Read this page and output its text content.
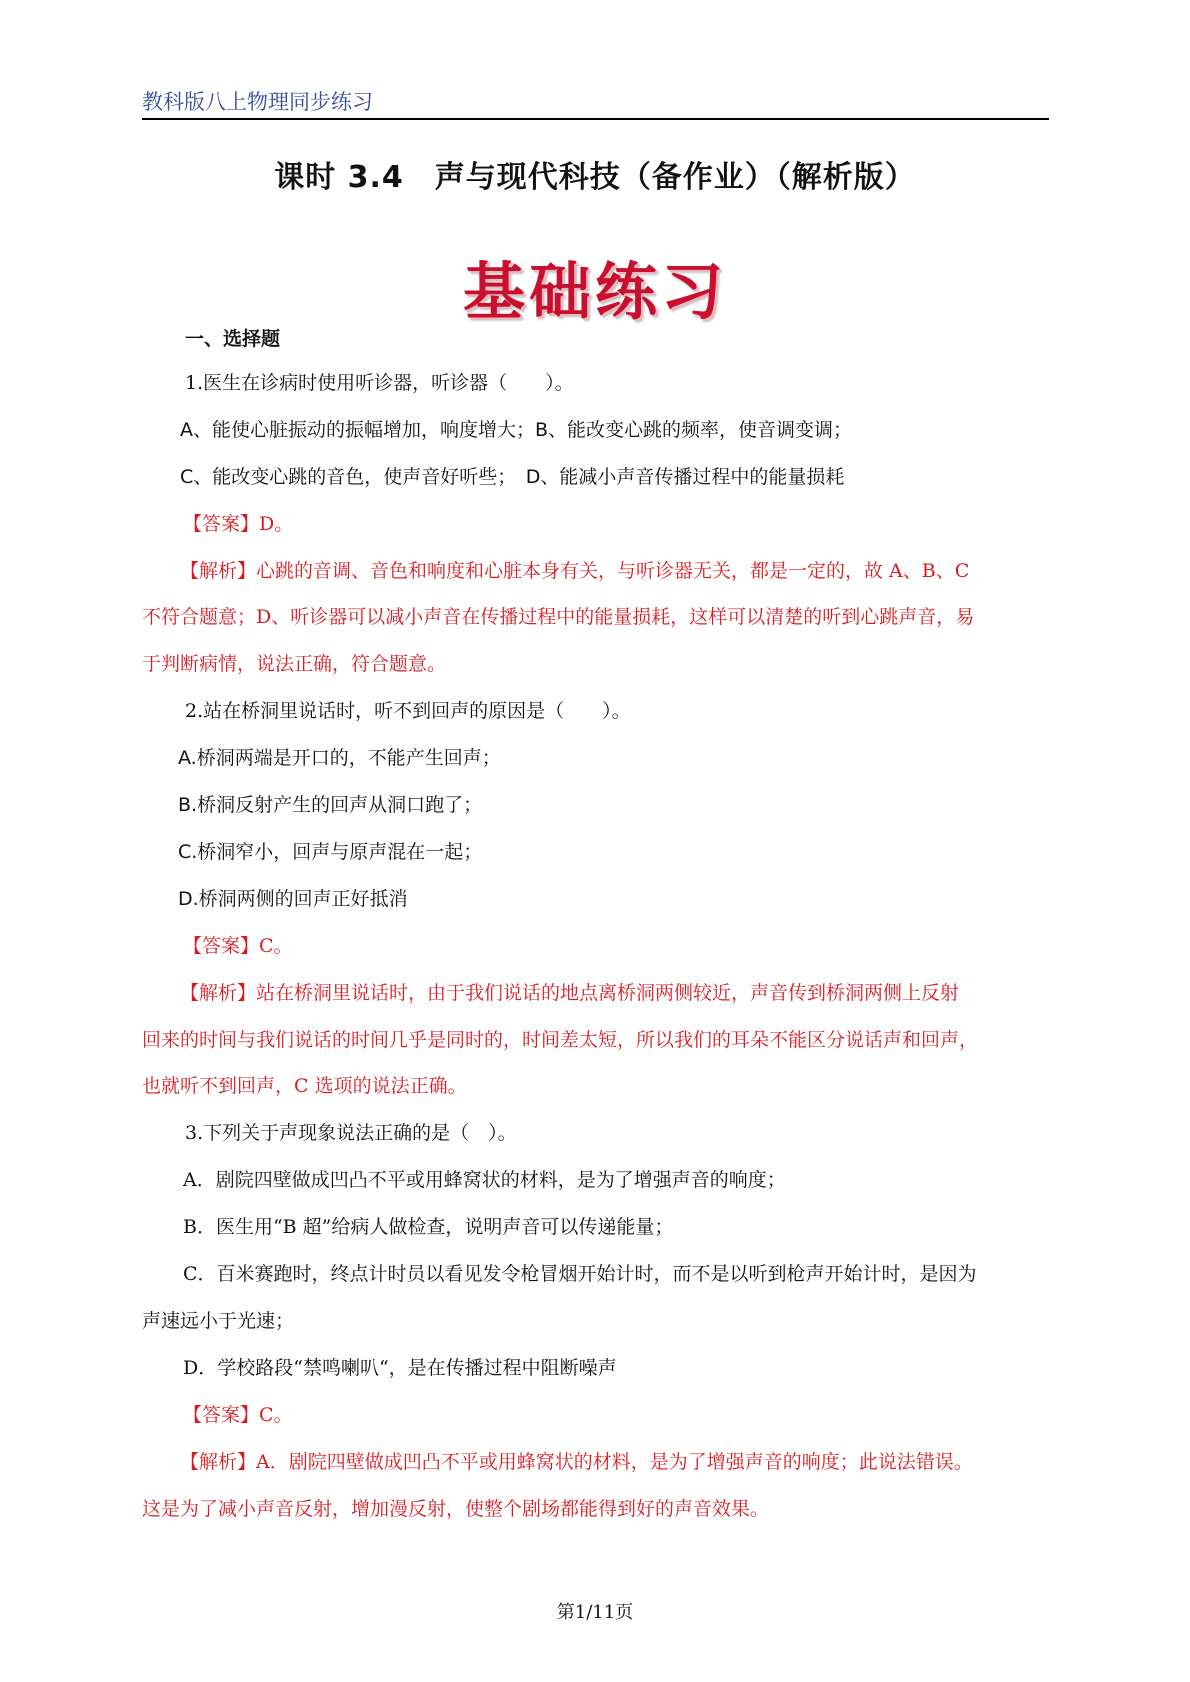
教科版八上物理同步练习
课时 3.4　声与现代科技（备作业）（解析版）
基础练习
一、选择题
1.医生在诊病时使用听诊器，听诊器（　　）。
A、能使心脏振动的振幅增加，响度增大；B、能改变心跳的频率，使音调变调；
C、能改变心跳的音色，使声音好听些；　D、能减小声音传播过程中的能量损耗
【答案】D。
【解析】心跳的音调、音色和响度和心脏本身有关，与听诊器无关，都是一定的，故 A、B、C
不符合题意；D、听诊器可以减小声音在传播过程中的能量损耗，这样可以清楚的听到心跳声音，易
于判断病情，说法正确，符合题意。
2.站在桥洞里说话时，听不到回声的原因是（　　）。
A.桥洞两端是开口的，不能产生回声；
B.桥洞反射产生的回声从洞口跑了；
C.桥洞窄小，回声与原声混在一起；
D.桥洞两侧的回声正好抵消
【答案】C。
【解析】站在桥洞里说话时，由于我们说话的地点离桥洞两侧较近，声音传到桥洞两侧上反射
回来的时间与我们说话的时间几乎是同时的，时间差太短，所以我们的耳朵不能区分说话声和回声，
也就听不到回声，C 选项的说法正确。
3.下列关于声现象说法正确的是（　）。
A．剧院四壁做成凹凸不平或用蜂窝状的材料，是为了增强声音的响度；
B．医生用“B 超”给病人做检查，说明声音可以传递能量；
C．百米赛跑时，终点计时员以看见发令枪冒烟开始计时，而不是以听到枪声开始计时，是因为
声速远小于光速；
D．学校路段“禁鸣喇叭“，是在传播过程中阻断噪声
【答案】C。
【解析】A．剧院四壁做成凹凸不平或用蜂窝状的材料，是为了增强声音的响度；此说法错误。
这是为了减小声音反射，增加漫反射，使整个剧场都能得到好的声音效果。
第1/11页
